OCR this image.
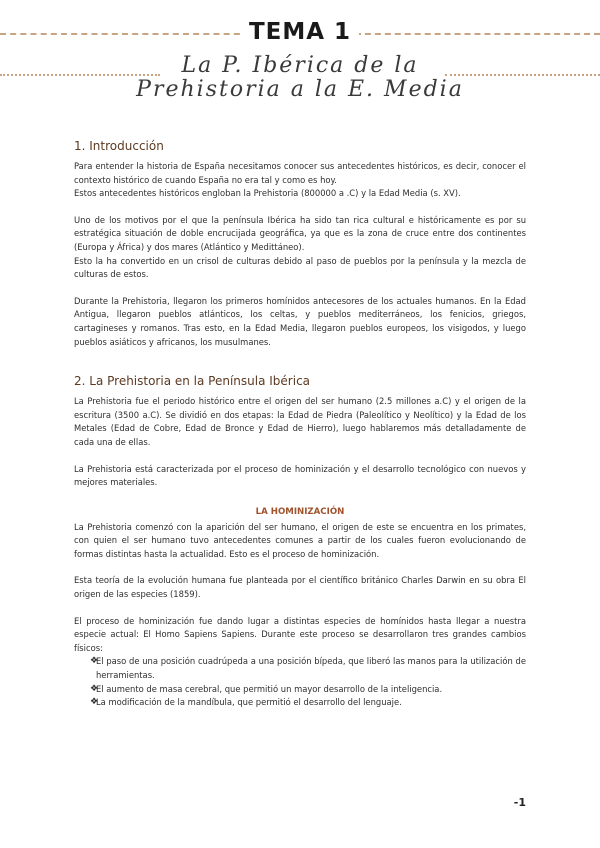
TEMA 1
La P. Ibérica de la
Prehistoria a la E. Media
1. Introducción

Para entender la historia de España necesitamos conocer sus antecedentes históricos, es decir, conocer el contexto histórico de cuando España no era tal y como es hoy.

Estos antecedentes históricos engloban la Prehistoria (800000 a .C) y la Edad Media (s. XV).

Uno de los motivos por el que la península Ibérica ha sido tan rica cultural e históricamente es por su estratégica situación de doble encrucijada geográfica, ya que es la zona de cruce entre dos continentes (Europa y África) y dos mares (Atlántico y Medittáneo).

Esto la ha convertido en un crisol de culturas debido al paso de pueblos por la península y la mezcla de culturas de estos.

Durante la Prehistoria, llegaron los primeros homínidos antecesores de los actuales humanos. En la Edad Antigua, llegaron pueblos atlánticos, los celtas, y pueblos mediterráneos, los fenicios, griegos, cartagineses y romanos. Tras esto, en la Edad Media, llegaron pueblos europeos, los visigodos, y luego pueblos asiáticos y africanos, los musulmanes.

2. La Prehistoria en la Península Ibérica

La Prehistoria fue el periodo histórico entre el origen del ser humano (2.5 millones a.C) y el origen de la escritura (3500 a.C). Se dividió en dos etapas: la Edad de Piedra (Paleolítico y Neolítico) y la Edad de los Metales (Edad de Cobre, Edad de Bronce y Edad de Hierro), luego hablaremos más detalladamente de cada una de ellas.

La Prehistoria está caracterizada por el proceso de hominización y el desarrollo tecnológico con nuevos y mejores materiales.

LA HOMINIZACIÓN

La Prehistoria comenzó con la aparición del ser humano, el origen de este se encuentra en los primates, con quien el ser humano tuvo antecedentes comunes a partir de los cuales fueron evolucionando de formas distintas hasta la actualidad. Esto es el proceso de hominización.

Esta teoría de la evolución humana fue planteada por el científico británico Charles Darwin en su obra El origen de las especies (1859).

El proceso de hominización fue dando lugar a distintas especies de homínidos hasta llegar a nuestra especie actual: El Homo Sapiens Sapiens. Durante este proceso se desarrollaron tres grandes cambios físicos:

❖
El paso de una posición cuadrúpeda a una posición bípeda, que liberó las manos para la utilización de herramientas.
❖
El aumento de masa cerebral, que permitió un mayor desarrollo de la inteligencia.
❖
La modificación de la mandíbula, que permitió el desarrollo del lenguaje.
-1
